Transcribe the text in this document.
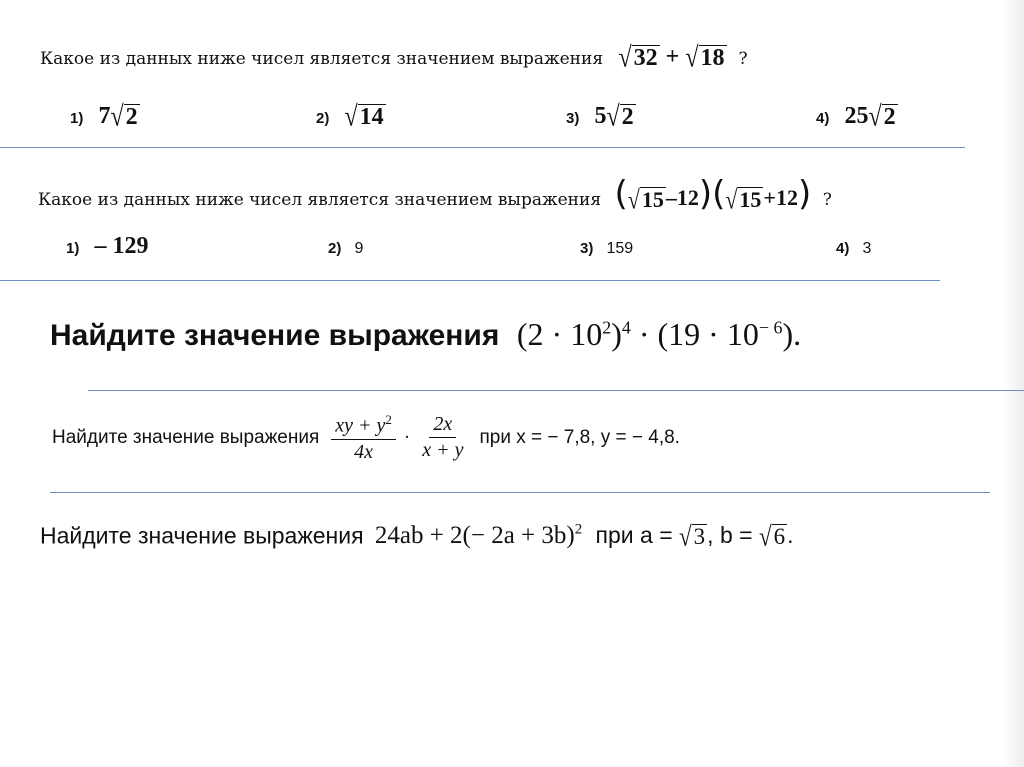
Какое из данных ниже чисел является значением выражения √ 32 + √ 18 ?
1) 7 √ 2	2) √ 14	3) 5 √ 2	4) 25 √ 2
Какое из данных ниже чисел является значением выражения ( √ 15 –12)( √ 15 +12) ?
1) – 129	2) 9	3) 159	4) 3
Найдите значение выражения $(2 \cdot 10^2)^4 \cdot (19 \cdot 10^{- 6})$.
Найдите значение выражения $\frac{xy + y^2}{4x} \cdot \frac{2x}{x + y}$ при x = − 7,8, y = − 4,8.
Найдите значение выражения $24ab + 2(- 2a + 3b)^2$ при a = √ 3 , b = √ 6 .
